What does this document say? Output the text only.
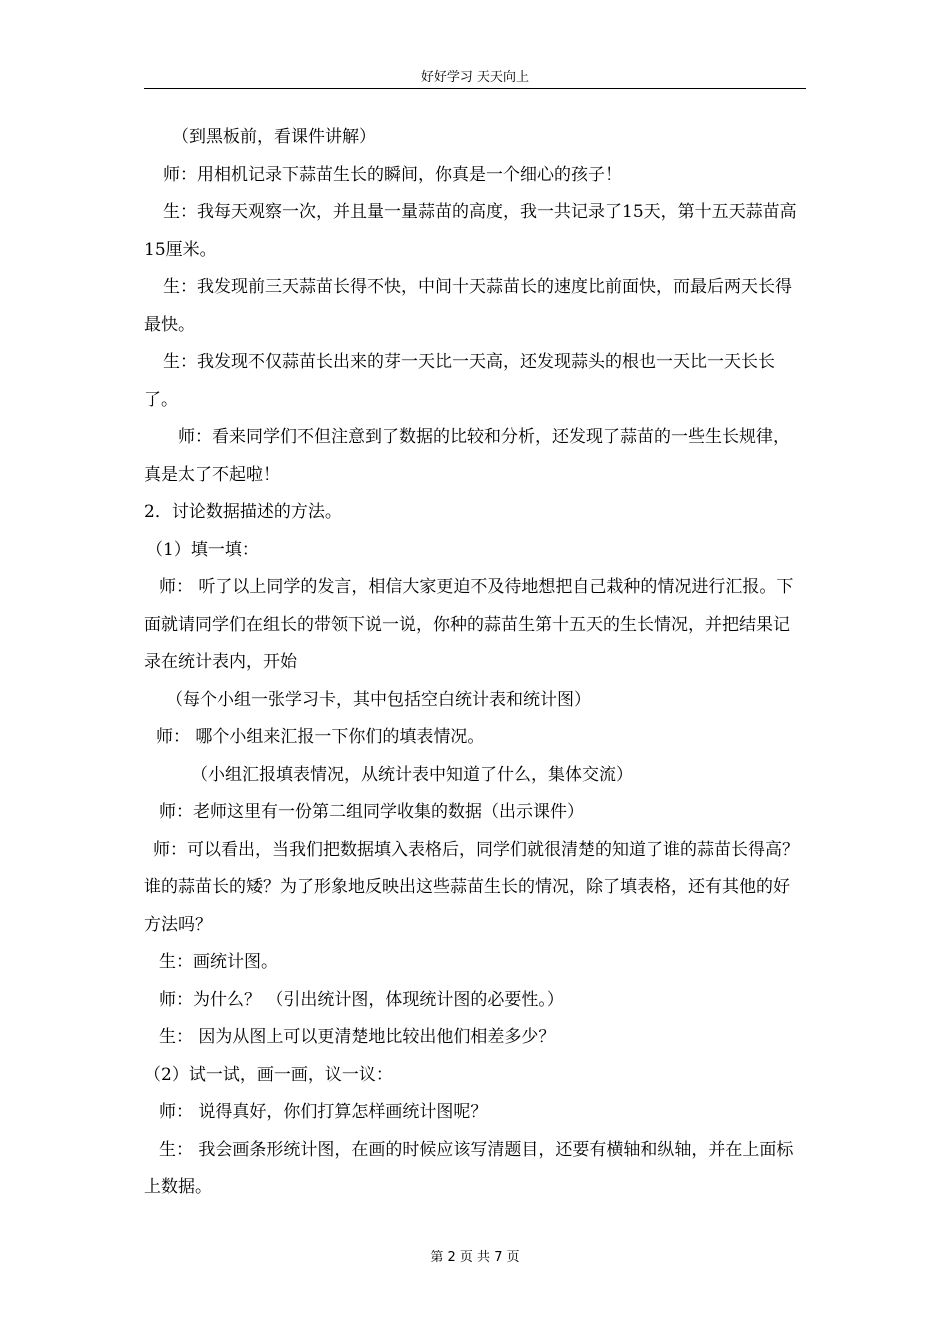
好好学习 天天向上

（到黑板前，看课件讲解）

师：用相机记录下蒜苗生长的瞬间，你真是一个细心的孩子！

生：我每天观察一次，并且量一量蒜苗的高度，我一共记录了15天，第十五天蒜苗高15厘米。

生：我发现前三天蒜苗长得不快，中间十天蒜苗长的速度比前面快，而最后两天长得最快。

生：我发现不仅蒜苗长出来的芽一天比一天高，还发现蒜头的根也一天比一天长长了。

师：看来同学们不但注意到了数据的比较和分析，还发现了蒜苗的一些生长规律，真是太了不起啦！

2．讨论数据描述的方法。

（1）填一填：

师： 听了以上同学的发言，相信大家更迫不及待地想把自己栽种的情况进行汇报。下面就请同学们在组长的带领下说一说，你种的蒜苗生第十五天的生长情况，并把结果记录在统计表内，开始

（每个小组一张学习卡，其中包括空白统计表和统计图）

师： 哪个小组来汇报一下你们的填表情况。

（小组汇报填表情况，从统计表中知道了什么，集体交流）

师：老师这里有一份第二组同学收集的数据（出示课件）

师：可以看出，当我们把数据填入表格后，同学们就很清楚的知道了谁的蒜苗长得高？谁的蒜苗长的矮？为了形象地反映出这些蒜苗生长的情况，除了填表格，还有其他的好方法吗？

生：画统计图。

师：为什么？ （引出统计图，体现统计图的必要性。）

生： 因为从图上可以更清楚地比较出他们相差多少？

（2）试一试，画一画，议一议：

师： 说得真好，你们打算怎样画统计图呢？

生： 我会画条形统计图，在画的时候应该写清题目，还要有横轴和纵轴，并在上面标上数据。

第 2 页 共 7 页
